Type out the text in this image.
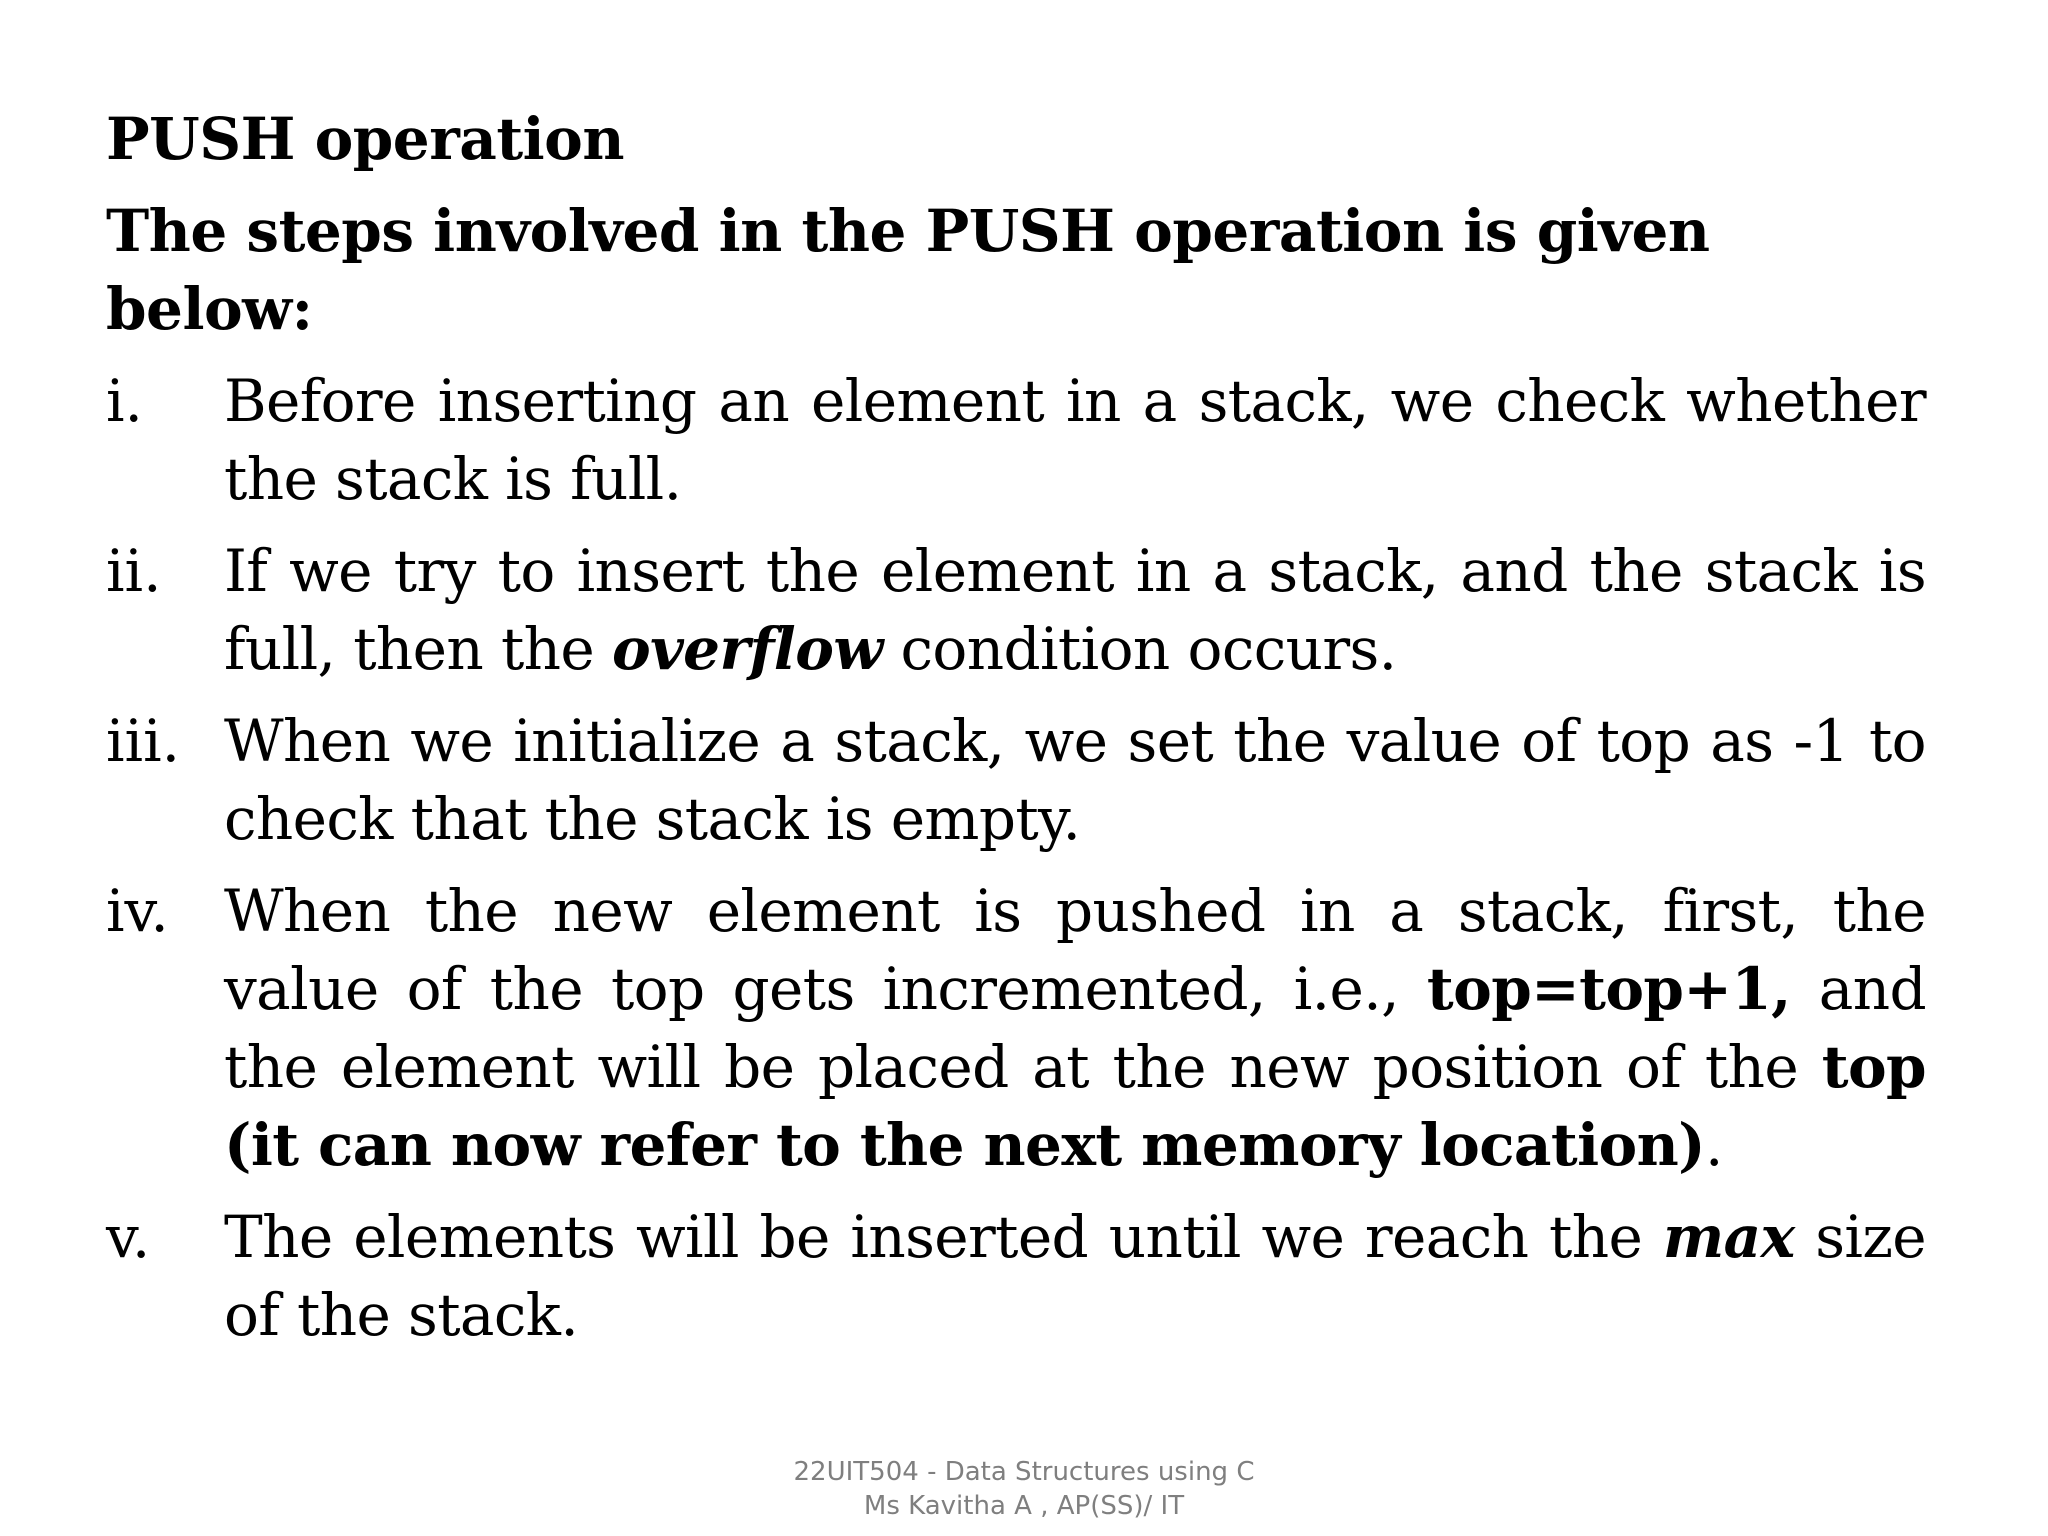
PUSH operation
The steps involved in the PUSH operation is given below:
i.	Before inserting an element in a stack, we check whether the stack is full.
ii.	If we try to insert the element in a stack, and the stack is full, then the overflow condition occurs.
iii. When we initialize a stack, we set the value of top as -1 to check that the stack is empty.
iv. When the new element is pushed in a stack, first, the value of the top gets incremented, i.e., top=top+1, and the element will be placed at the new position of the top (it can now refer to the next memory location).
v.	The elements will be inserted until we reach the max size of the stack.
22UIT504 - Data Structures using C
Ms Kavitha A , AP(SS)/ IT
